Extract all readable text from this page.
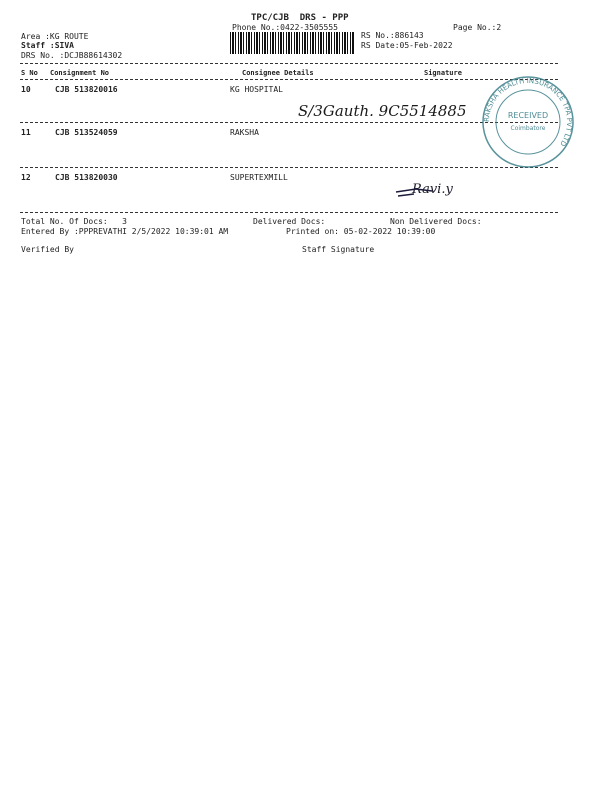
TPC/CJB  DRS - PPP
Phone No.:0422-3505555
Area :KG ROUTE
Staff :SIVA
DRS No. :DCJB88614302
RS No.:886143
RS Date:05-Feb-2022
Page No.:2
S No Consignment No	Consignee Details	Signature
10	CJB 513820016	KG HOSPITAL
S/3Gauth. 9C5514885
11	CJB 513524059	RAKSHA
12	CJB 513820030	SUPERTEXMILL
Ravi.y
RAKSHA HEALTH INSURANCE TPA PVT LTD
RECEIVED
Coimbatore
Total No. Of Docs:   3	Delivered Docs:	Non Delivered Docs:
Entered By :PPPREVATHI 2/5/2022 10:39:01 AM	Printed on: 05-02-2022 10:39:00
Verified By	Staff Signature
